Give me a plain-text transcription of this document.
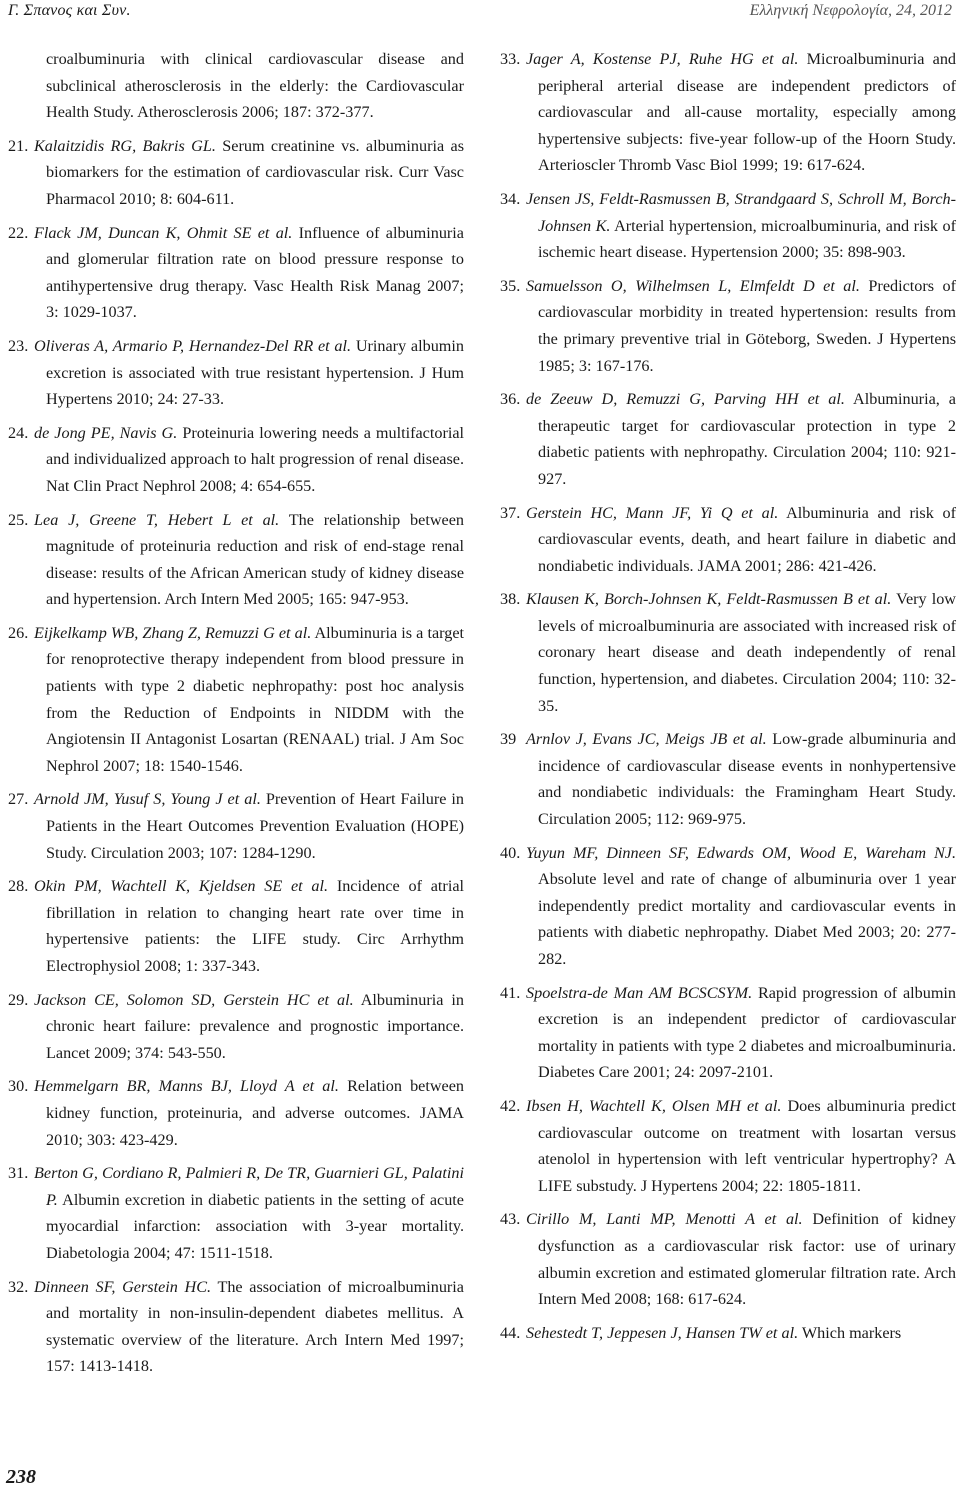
Γ. Σπανος και Συν.	Ελληνική Νεφρολογία, 24, 2012

croalbuminuria with clinical cardiovascular disease and subclinical atherosclerosis in the elderly: the Cardiovascular Health Study. Atherosclerosis 2006; 187: 372-377.

21. Kalaitzidis RG, Bakris GL. Serum creatinine vs. albuminuria as biomarkers for the estimation of cardiovascular risk. Curr Vasc Pharmacol 2010; 8: 604-611.

22. Flack JM, Duncan K, Ohmit SE et al. Influence of albuminuria and glomerular filtration rate on blood pressure response to antihypertensive drug therapy. Vasc Health Risk Manag 2007; 3: 1029-1037.

23. Oliveras A, Armario P, Hernandez-Del RR et al. Urinary albumin excretion is associated with true resistant hypertension. J Hum Hypertens 2010; 24: 27-33.

24. de Jong PE, Navis G. Proteinuria lowering needs a multifactorial and individualized approach to halt progression of renal disease. Nat Clin Pract Nephrol 2008; 4: 654-655.

25. Lea J, Greene T, Hebert L et al. The relationship between magnitude of proteinuria reduction and risk of end-stage renal disease: results of the African American study of kidney disease and hypertension. Arch Intern Med 2005; 165: 947-953.

26. Eijkelkamp WB, Zhang Z, Remuzzi G et al. Albuminuria is a target for renoprotective therapy independent from blood pressure in patients with type 2 diabetic nephropathy: post hoc analysis from the Reduction of Endpoints in NIDDM with the Angiotensin II Antagonist Losartan (RENAAL) trial. J Am Soc Nephrol 2007; 18: 1540-1546.

27. Arnold JM, Yusuf S, Young J et al. Prevention of Heart Failure in Patients in the Heart Outcomes Prevention Evaluation (HOPE) Study. Circulation 2003; 107: 1284-1290.

28. Okin PM, Wachtell K, Kjeldsen SE et al. Incidence of atrial fibrillation in relation to changing heart rate over time in hypertensive patients: the LIFE study. Circ Arrhythm Electrophysiol 2008; 1: 337-343.

29. Jackson CE, Solomon SD, Gerstein HC et al. Albuminuria in chronic heart failure: prevalence and prognostic importance. Lancet 2009; 374: 543-550.

30. Hemmelgarn BR, Manns BJ, Lloyd A et al. Relation between kidney function, proteinuria, and adverse outcomes. JAMA 2010; 303: 423-429.

31. Berton G, Cordiano R, Palmieri R, De TR, Guarnieri GL, Palatini P. Albumin excretion in diabetic patients in the setting of acute myocardial infarction: association with 3-year mortality. Diabetologia 2004; 47: 1511-1518.

32. Dinneen SF, Gerstein HC. The association of microalbuminuria and mortality in non-insulin-dependent diabetes mellitus. A systematic overview of the literature. Arch Intern Med 1997; 157: 1413-1418.

33. Jager A, Kostense PJ, Ruhe HG et al. Microalbuminuria and peripheral arterial disease are independent predictors of cardiovascular and all-cause mortality, especially among hypertensive subjects: five-year follow-up of the Hoorn Study. Arterioscler Thromb Vasc Biol 1999; 19: 617-624.

34. Jensen JS, Feldt-Rasmussen B, Strandgaard S, Schroll M, Borch-Johnsen K. Arterial hypertension, microalbuminuria, and risk of ischemic heart disease. Hypertension 2000; 35: 898-903.

35. Samuelsson O, Wilhelmsen L, Elmfeldt D et al. Predictors of cardiovascular morbidity in treated hypertension: results from the primary preventive trial in Göteborg, Sweden. J Hypertens 1985; 3: 167-176.

36. de Zeeuw D, Remuzzi G, Parving HH et al. Albuminuria, a therapeutic target for cardiovascular protection in type 2 diabetic patients with nephropathy. Circulation 2004; 110: 921-927.

37. Gerstein HC, Mann JF, Yi Q et al. Albuminuria and risk of cardiovascular events, death, and heart failure in diabetic and nondiabetic individuals. JAMA 2001; 286: 421-426.

38. Klausen K, Borch-Johnsen K, Feldt-Rasmussen B et al. Very low levels of microalbuminuria are associated with increased risk of coronary heart disease and death independently of renal function, hypertension, and diabetes. Circulation 2004; 110: 32-35.

39 Arnlov J, Evans JC, Meigs JB et al. Low-grade albuminuria and incidence of cardiovascular disease events in nonhypertensive and nondiabetic individuals: the Framingham Heart Study. Circulation 2005; 112: 969-975.

40. Yuyun MF, Dinneen SF, Edwards OM, Wood E, Wareham NJ. Absolute level and rate of change of albuminuria over 1 year independently predict mortality and cardiovascular events in patients with diabetic nephropathy. Diabet Med 2003; 20: 277-282.

41. Spoelstra-de Man AM BCSCSYM. Rapid progression of albumin excretion is an independent predictor of cardiovascular mortality in patients with type 2 diabetes and microalbuminuria. Diabetes Care 2001; 24: 2097-2101.

42. Ibsen H, Wachtell K, Olsen MH et al. Does albuminuria predict cardiovascular outcome on treatment with losartan versus atenolol in hypertension with left ventricular hypertrophy? A LIFE substudy. J Hypertens 2004; 22: 1805-1811.

43. Cirillo M, Lanti MP, Menotti A et al. Definition of kidney dysfunction as a cardiovascular risk factor: use of urinary albumin excretion and estimated glomerular filtration rate. Arch Intern Med 2008; 168: 617-624.

44. Sehestedt T, Jeppesen J, Hansen TW et al. Which markers

238
